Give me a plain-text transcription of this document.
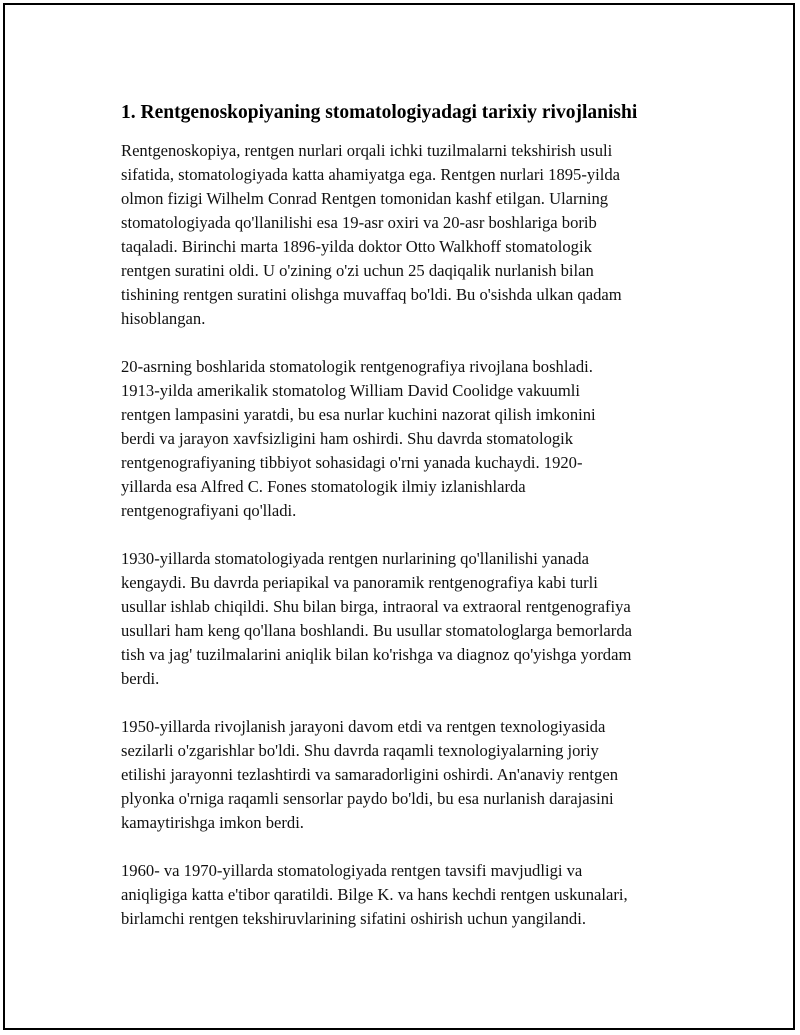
1. Rentgenoskopiyaning stomatologiyadagi tarixiy rivojlanishi

Rentgenoskopiya, rentgen nurlari orqali ichki tuzilmalarni tekshirish usuli
sifatida, stomatologiyada katta ahamiyatga ega. Rentgen nurlari 1895-yilda
olmon fizigi Wilhelm Conrad Rentgen tomonidan kashf etilgan. Ularning
stomatologiyada qo'llanilishi esa 19-asr oxiri va 20-asr boshlariga borib
taqaladi. Birinchi marta 1896-yilda doktor Otto Walkhoff stomatologik
rentgen suratini oldi. U o'zining o'zi uchun 25 daqiqalik nurlanish bilan
tishining rentgen suratini olishga muvaffaq bo'ldi. Bu o'sishda ulkan qadam
hisoblangan.

20-asrning boshlarida stomatologik rentgenografiya rivojlana boshladi.
1913-yilda amerikalik stomatolog William David Coolidge vakuumli
rentgen lampasini yaratdi, bu esa nurlar kuchini nazorat qilish imkonini
berdi va jarayon xavfsizligini ham oshirdi. Shu davrda stomatologik
rentgenografiyaning tibbiyot sohasidagi o'rni yanada kuchaydi. 1920-
yillarda esa Alfred C. Fones stomatologik ilmiy izlanishlarda
rentgenografiyani qo'lladi.

1930-yillarda stomatologiyada rentgen nurlarining qo'llanilishi yanada
kengaydi. Bu davrda periapikal va panoramik rentgenografiya kabi turli
usullar ishlab chiqildi. Shu bilan birga, intraoral va extraoral rentgenografiya
usullari ham keng qo'llana boshlandi. Bu usullar stomatologlarga bemorlarda
tish va jag' tuzilmalarini aniqlik bilan ko'rishga va diagnoz qo'yishga yordam
berdi.

1950-yillarda rivojlanish jarayoni davom etdi va rentgen texnologiyasida
sezilarli o'zgarishlar bo'ldi. Shu davrda raqamli texnologiyalarning joriy
etilishi jarayonni tezlashtirdi va samaradorligini oshirdi. An'anaviy rentgen
plyonka o'rniga raqamli sensorlar paydo bo'ldi, bu esa nurlanish darajasini
kamaytirishga imkon berdi.

1960- va 1970-yillarda stomatologiyada rentgen tavsifi mavjudligi va
aniqligiga katta e'tibor qaratildi. Bilge K. va hans kechdi rentgen uskunalari,
birlamchi rentgen tekshiruvlarining sifatini oshirish uchun yangilandi.
